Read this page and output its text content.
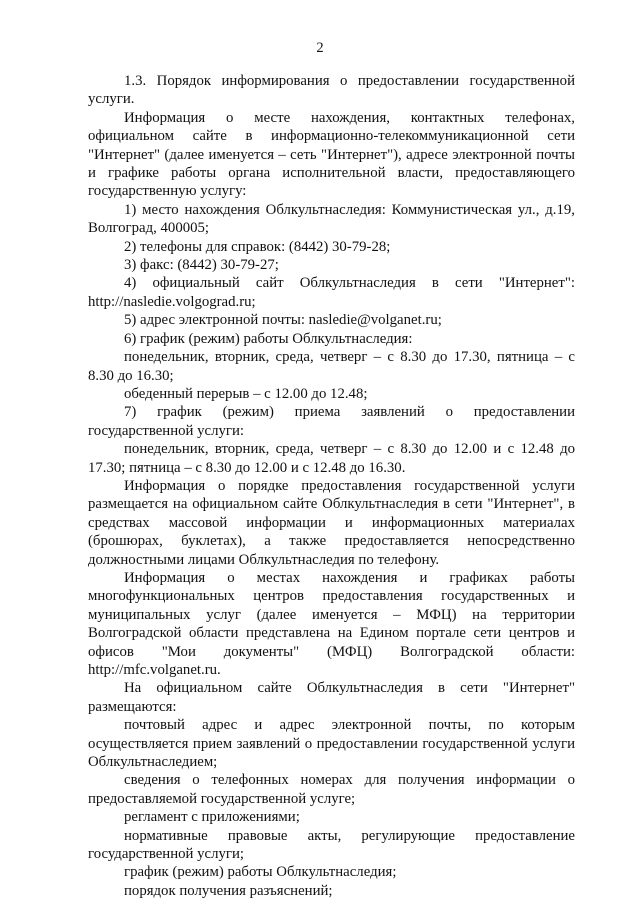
2

1.3. Порядок информирования о предоставлении государственной услуги.

Информация о месте нахождения, контактных телефонах, официальном сайте в информационно-телекоммуникационной сети "Интернет" (далее именуется – сеть "Интернет"), адресе электронной почты и графике работы органа исполнительной власти, предоставляющего государственную услугу:

1) место нахождения Облкультнаследия: Коммунистическая ул., д.19, Волгоград, 400005;

2) телефоны для справок: (8442) 30-79-28;

3) факс: (8442) 30-79-27;

4) официальный сайт Облкультнаследия в сети "Интернет": http://nasledie.volgograd.ru;

5) адрес электронной почты: nasledie@volganet.ru;

6) график (режим) работы Облкультнаследия:

понедельник, вторник, среда, четверг – с 8.30 до 17.30, пятница – с 8.30 до 16.30;

обеденный перерыв – с 12.00 до 12.48;

7) график (режим) приема заявлений о предоставлении государственной услуги:

понедельник, вторник, среда, четверг – с 8.30 до 12.00 и с 12.48 до 17.30; пятница – с 8.30 до 12.00 и с 12.48 до 16.30.

Информация о порядке предоставления государственной услуги размещается на официальном сайте Облкультнаследия в сети "Интернет", в средствах массовой информации и информационных материалах (брошюрах, буклетах), а также предоставляется непосредственно должностными лицами Облкультнаследия по телефону.

Информация о местах нахождения и графиках работы многофункциональных центров предоставления государственных и муниципальных услуг (далее именуется – МФЦ) на территории Волгоградской области представлена на Едином портале сети центров и офисов "Мои документы" (МФЦ) Волгоградской области: http://mfc.volganet.ru.

На официальном сайте Облкультнаследия в сети "Интернет" размещаются:

почтовый адрес и адрес электронной почты, по которым осуществляется прием заявлений о предоставлении государственной услуги Облкультнаследием;

сведения о телефонных номерах для получения информации о предоставляемой государственной услуге;

регламент с приложениями;

нормативные правовые акты, регулирующие предоставление государственной услуги;

график (режим) работы Облкультнаследия;

порядок получения разъяснений;
